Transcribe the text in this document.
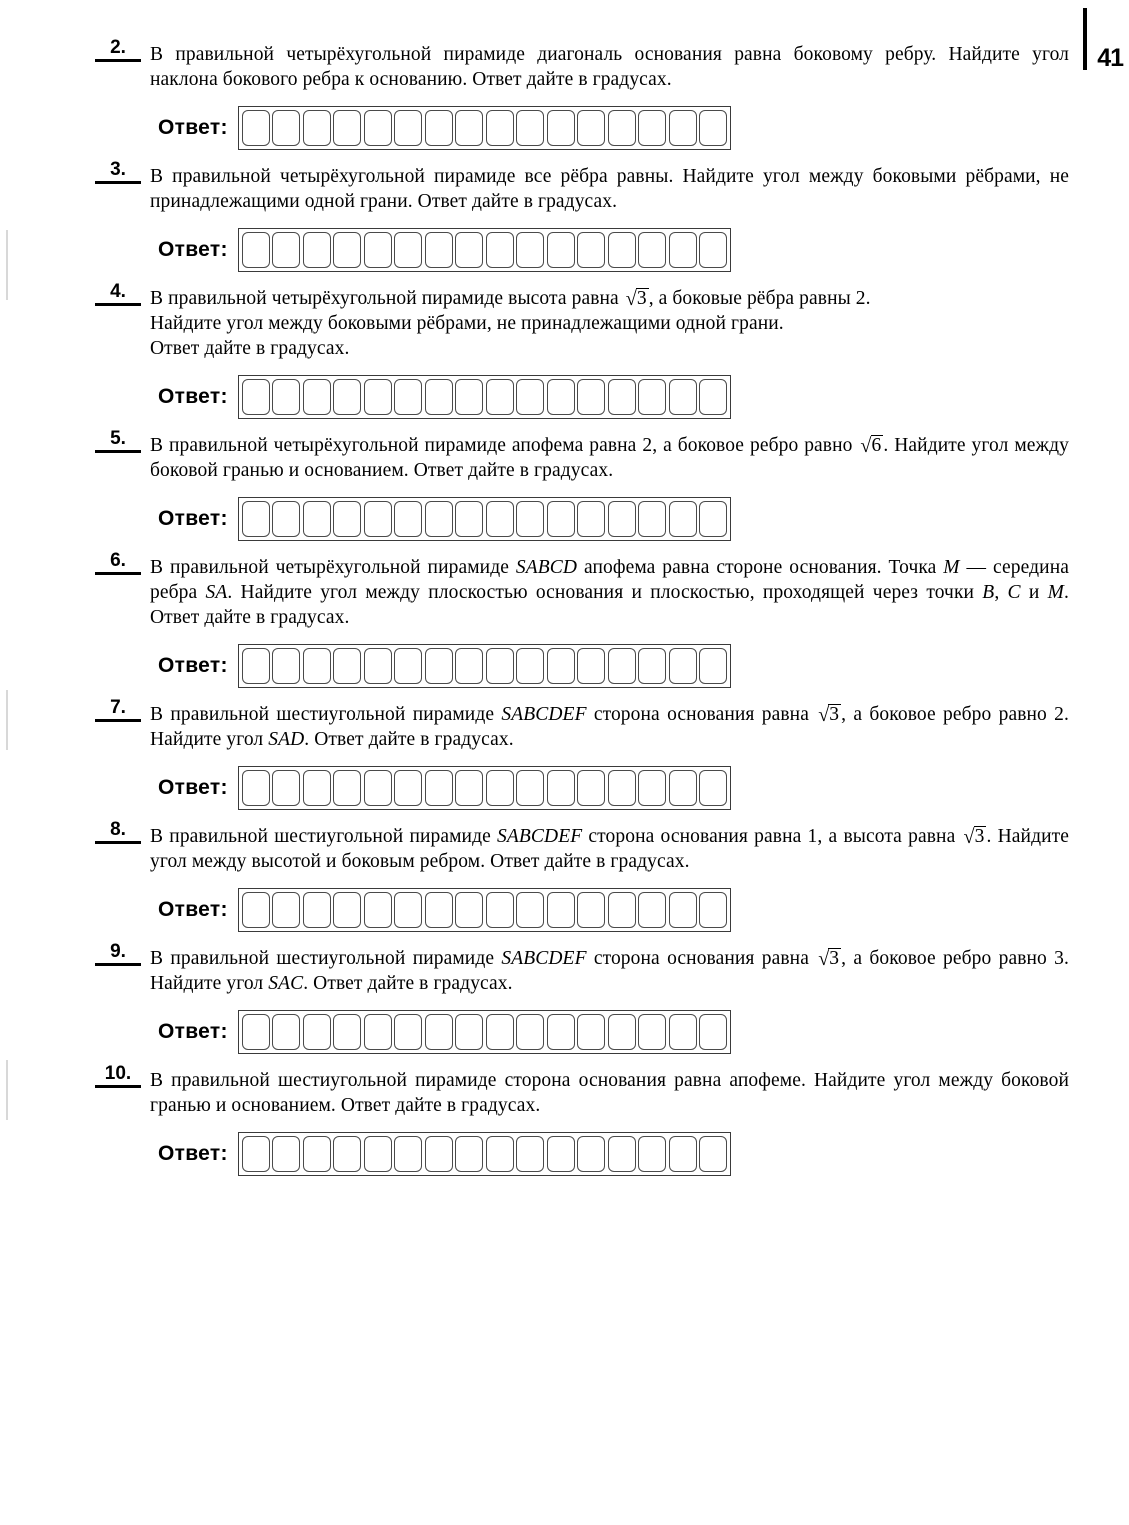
41
2.	В правильной четырёхугольной пирамиде диагональ основания равна боковому ребру. Найдите угол наклона бокового ребра к основанию. Ответ дайте в градусах.
Ответ:
3.	В правильной четырёхугольной пирамиде все рёбра равны. Найдите угол между боковыми рёбрами, не принадлежащими одной грани. Ответ дайте в градусах.
Ответ:
4.	В правильной четырёхугольной пирамиде высота равна √3 , а боковые рёбра равны 2.
Найдите угол между боковыми рёбрами, не принадлежащими одной грани.
Ответ дайте в градусах.
Ответ:
5.	В правильной четырёхугольной пирамиде апофема равна 2, а боковое ребро равно √6 . Найдите угол между боковой гранью и основанием. Ответ дайте в градусах.
Ответ:
6.	В правильной четырёхугольной пирамиде SABCD апофема равна стороне основания. Точка M — середина ребра SA. Найдите угол между плоскостью основания и плоскостью, проходящей через точки B, C и M. Ответ дайте в градусах.
Ответ:
7.	В правильной шестиугольной пирамиде SABCDEF сторона основания равна √3 , а боковое ребро равно 2. Найдите угол SAD. Ответ дайте в градусах.
Ответ:
8.	В правильной шестиугольной пирамиде SABCDEF сторона основания равна 1, а высота равна √3 . Найдите угол между высотой и боковым ребром. Ответ дайте в градусах.
Ответ:
9.	В правильной шестиугольной пирамиде SABCDEF сторона основания равна √3 , а боковое ребро равно 3. Найдите угол SAC. Ответ дайте в градусах.
Ответ:
10. В правильной шестиугольной пирамиде сторона основания равна апофеме. Найдите угол между боковой гранью и основанием. Ответ дайте в градусах.
Ответ:
